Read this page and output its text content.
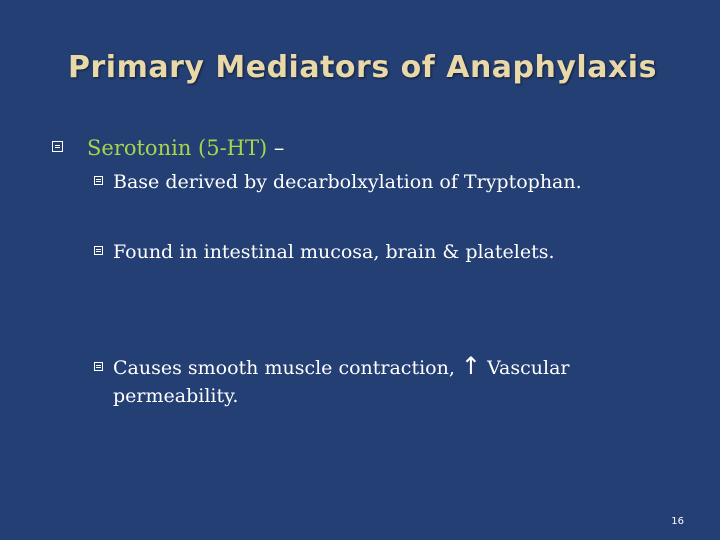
Primary Mediators of Anaphylaxis
Serotonin (5-HT) –
Base derived by decarbolxylation of Tryptophan.
Found in intestinal mucosa, brain & platelets.
Causes smooth muscle contraction, ↑ Vascular permeability.
16
